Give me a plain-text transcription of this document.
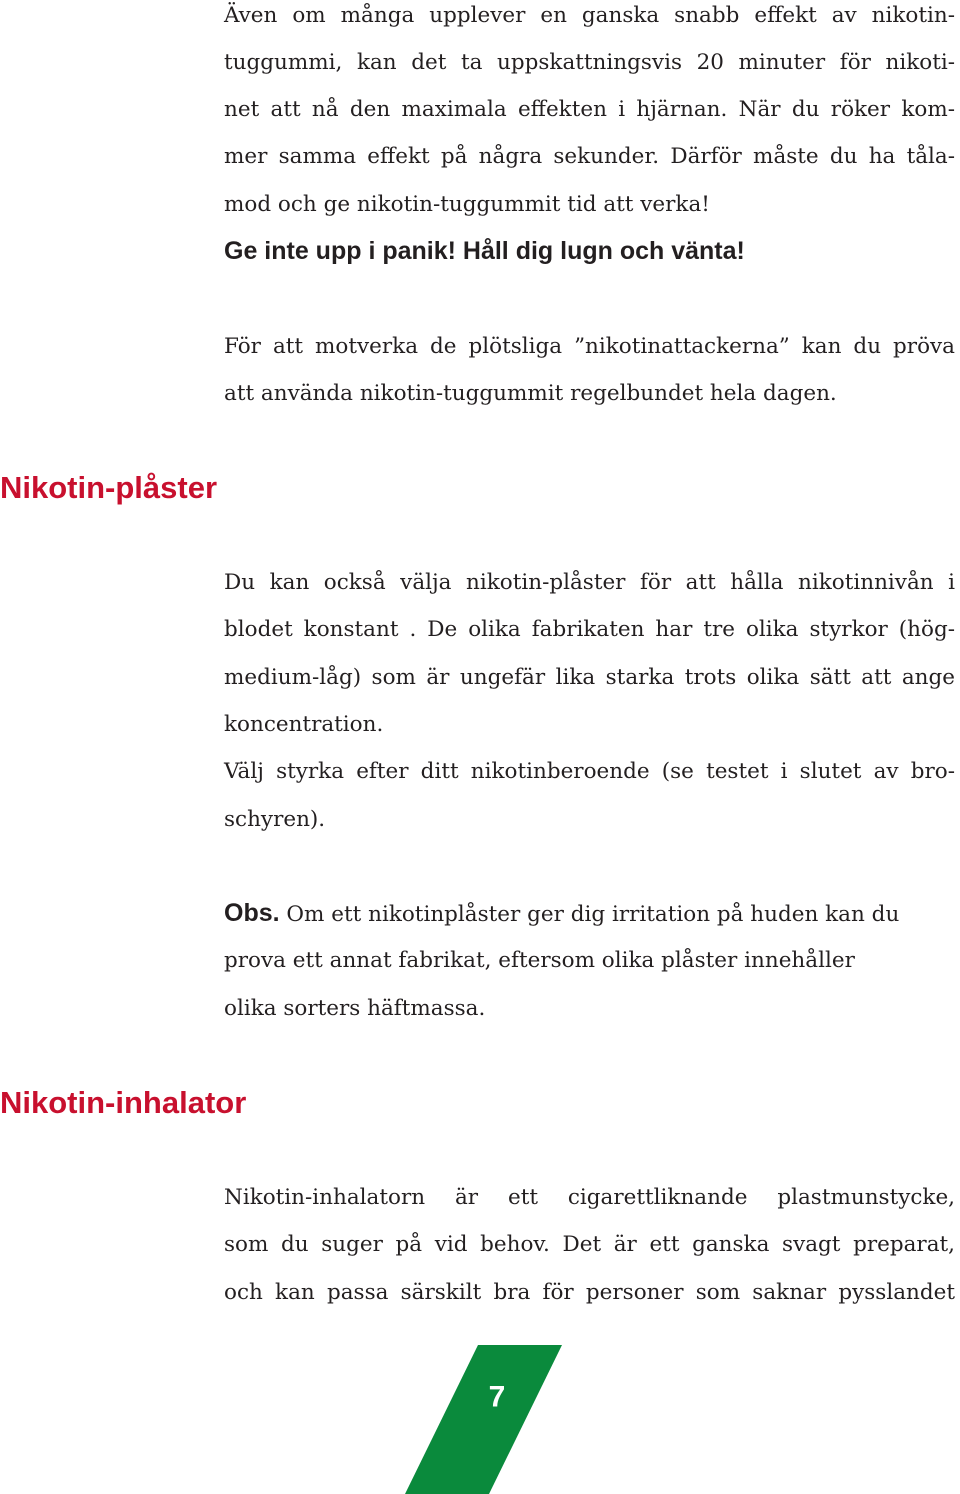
Även om många upplever en ganska snabb effekt av nikotin-
tuggummi, kan det ta uppskattningsvis 20 minuter för nikoti-
net att nå den maximala effekten i hjärnan. När du röker kom-
mer samma effekt på några sekunder. Därför måste du ha tåla-
mod och ge nikotin-tuggummit tid att verka!
Ge inte upp i panik! Håll dig lugn och vänta!
För att motverka de plötsliga ”nikotinattackerna” kan du pröva
att använda nikotin-tuggummit regelbundet hela dagen.
Nikotin-plåster
Du kan också välja nikotin-plåster för att hålla nikotinnivån i
blodet konstant . De olika fabrikaten har tre olika styrkor (hög-
medium-låg) som är ungefär lika starka trots olika sätt att ange
koncentration.
Välj styrka efter ditt nikotinberoende (se testet i slutet av bro-
schyren).
Obs. Om ett nikotinplåster ger dig irritation på huden kan du
prova ett annat fabrikat, eftersom olika plåster innehåller
olika sorters häftmassa.
Nikotin-inhalator
Nikotin-inhalatorn är ett cigarettliknande plastmunstycke,
som du suger på vid behov. Det är ett ganska svagt preparat,
och kan passa särskilt bra för personer som saknar pysslandet
7
